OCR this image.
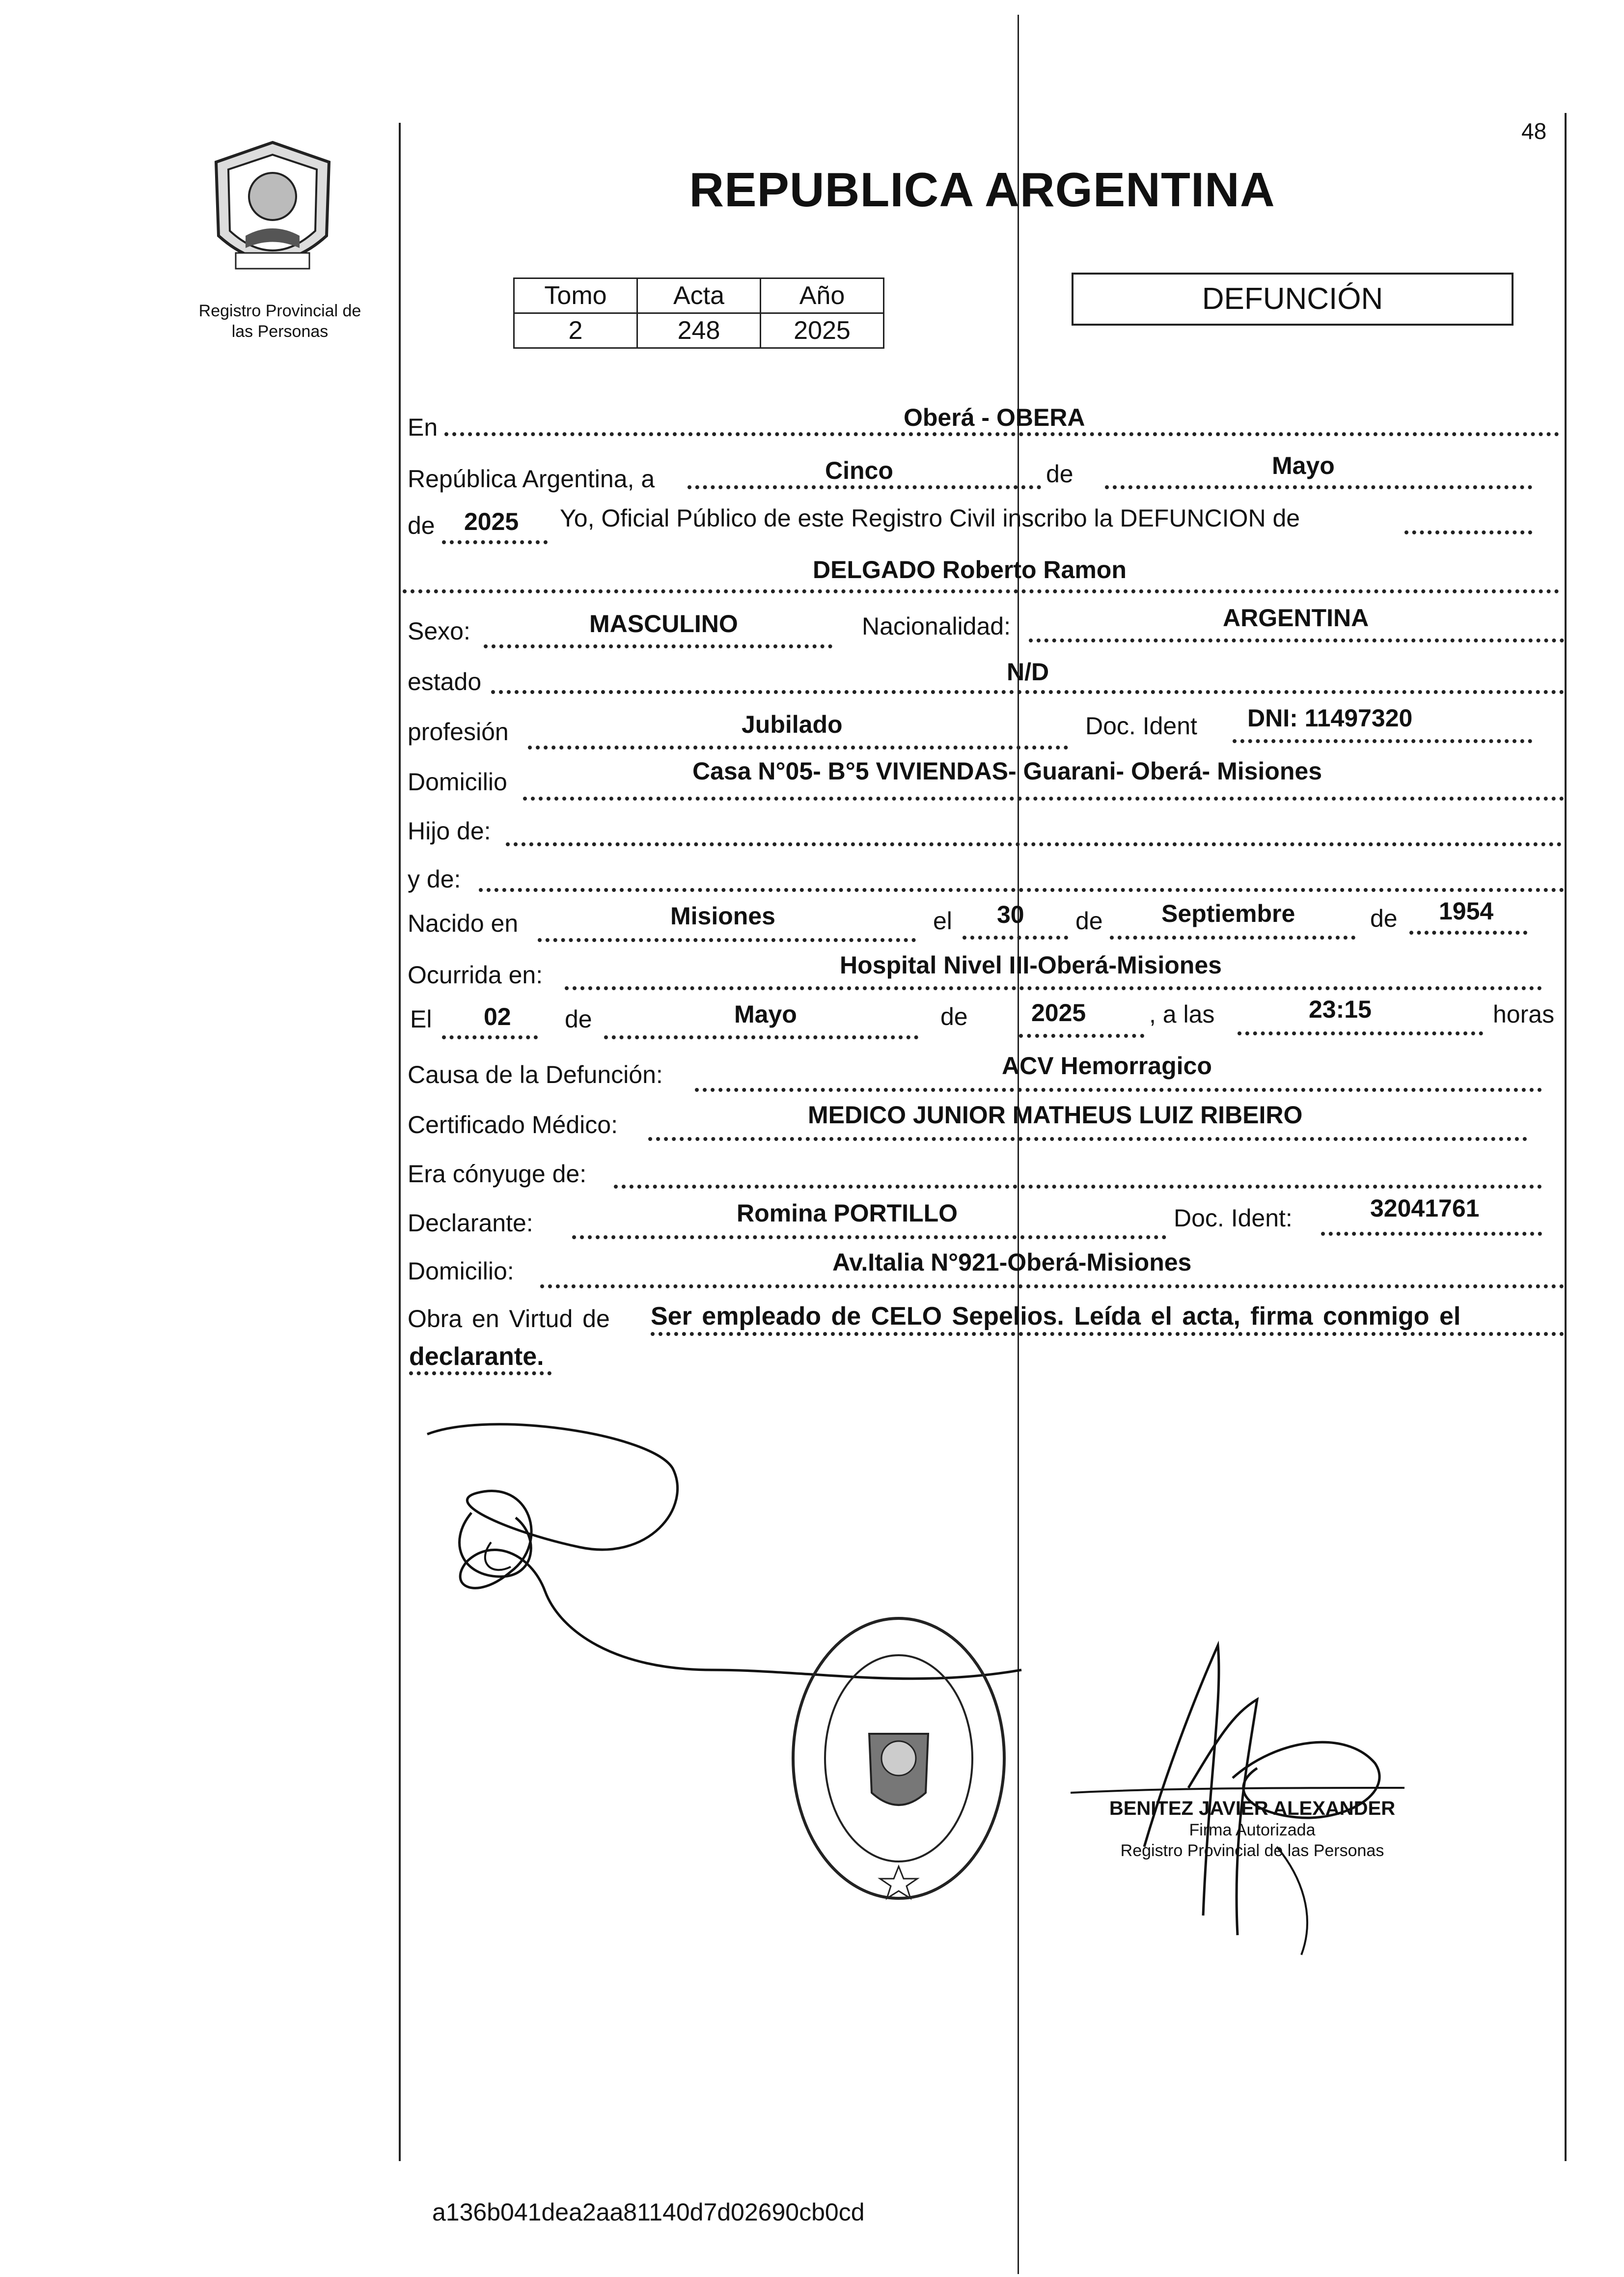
Registro Provincial de
las Personas
48
REPUBLICA ARGENTINA
Tomo	Acta	Año
2	248	2025
DEFUNCIÓN
En	Oberá - OBERA
República Argentina, a	Cinco	de	Mayo
de 2025 Yo, Oficial Público de este Registro Civil inscribo la DEFUNCION de
DELGADO Roberto Ramon
Sexo:	MASCULINO	Nacionalidad:	ARGENTINA
estado	N/D
profesión	Jubilado	Doc. Ident DNI: 11497320
Domicilio	Casa N°05- B°5 VIVIENDAS- Guarani- Oberá- Misiones
Hijo de:
y de:
Nacido en	Misiones	el 30 de Septiembre	de 1954
Ocurrida en:	Hospital Nivel III-Oberá-Misiones
El 02 de	Mayo	de	2025	, a las	23:15	horas
Causa de la Defunción:	ACV Hemorragico
Certificado Médico:	MEDICO JUNIOR MATHEUS LUIZ RIBEIRO
Era cónyuge de:
Declarante:	Romina PORTILLO	Doc. Ident:	32041761
Domicilio:	Av.Italia N°921-Oberá-Misiones
Obra en Virtud de Ser empleado de CELO Sepelios. Leída el acta, firma conmigo el
declarante.
BENITEZ JAVIER ALEXANDER
Firma Autorizada
Registro Provincial de las Personas
a136b041dea2aa81140d7d02690cb0cd
